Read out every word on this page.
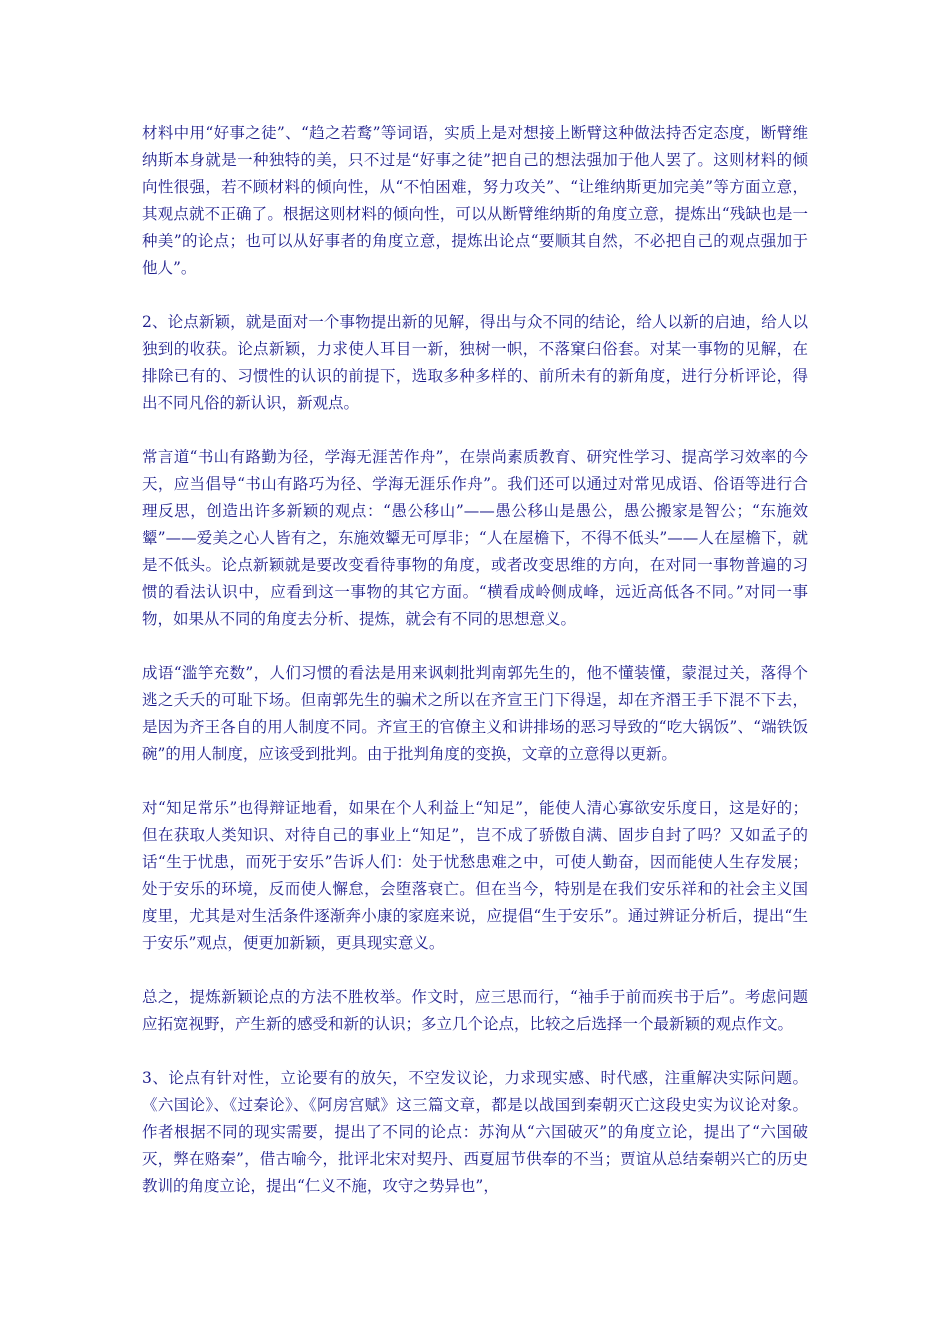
材料中用“好事之徒”、“趋之若鹜”等词语，实质上是对想接上断臂这种做法持否定态度，断臂维纳斯本身就是一种独特的美，只不过是“好事之徒”把自己的想法强加于他人罢了。这则材料的倾向性很强，若不顾材料的倾向性，从“不怕困难，努力攻关”、“让维纳斯更加完美”等方面立意，其观点就不正确了。根据这则材料的倾向性，可以从断臂维纳斯的角度立意，提炼出“残缺也是一种美”的论点；也可以从好事者的角度立意，提炼出论点“要顺其自然，不必把自己的观点强加于他人”。

2、论点新颖，就是面对一个事物提出新的见解，得出与众不同的结论，给人以新的启迪，给人以独到的收获。论点新颖，力求使人耳目一新，独树一帜，不落窠臼俗套。对某一事物的见解，在排除已有的、习惯性的认识的前提下，选取多种多样的、前所未有的新角度，进行分析评论，得出不同凡俗的新认识，新观点。

常言道“书山有路勤为径，学海无涯苦作舟”，在崇尚素质教育、研究性学习、提高学习效率的今天，应当倡导“书山有路巧为径、学海无涯乐作舟”。我们还可以通过对常见成语、俗语等进行合理反思，创造出许多新颖的观点：“愚公移山”——愚公移山是愚公，愚公搬家是智公；“东施效颦”——爱美之心人皆有之，东施效颦无可厚非；“人在屋檐下，不得不低头”——人在屋檐下，就是不低头。论点新颖就是要改变看待事物的角度，或者改变思维的方向，在对同一事物普遍的习惯的看法认识中，应看到这一事物的其它方面。“横看成岭侧成峰，远近高低各不同。”对同一事物，如果从不同的角度去分析、提炼，就会有不同的思想意义。

成语“滥竽充数”，人们习惯的看法是用来讽刺批判南郭先生的，他不懂装懂，蒙混过关，落得个逃之夭夭的可耻下场。但南郭先生的骗术之所以在齐宣王门下得逞，却在齐湣王手下混不下去，是因为齐王各自的用人制度不同。齐宣王的官僚主义和讲排场的恶习导致的“吃大锅饭”、“端铁饭碗”的用人制度，应该受到批判。由于批判角度的变换，文章的立意得以更新。

对“知足常乐”也得辩证地看，如果在个人利益上“知足”，能使人清心寡欲安乐度日，这是好的；但在获取人类知识、对待自己的事业上“知足”，岂不成了骄傲自满、固步自封了吗？又如孟子的话“生于忧患，而死于安乐”告诉人们：处于忧愁患难之中，可使人勤奋，因而能使人生存发展；处于安乐的环境，反而使人懈怠，会堕落衰亡。但在当今，特别是在我们安乐祥和的社会主义国度里，尤其是对生活条件逐渐奔小康的家庭来说，应提倡“生于安乐”。通过辨证分析后，提出“生于安乐”观点，便更加新颖，更具现实意义。

总之，提炼新颖论点的方法不胜枚举。作文时，应三思而行，“袖手于前而疾书于后”。考虑问题应拓宽视野，产生新的感受和新的认识；多立几个论点，比较之后选择一个最新颖的观点作文。

3、论点有针对性，立论要有的放矢，不空发议论，力求现实感、时代感，注重解决实际问题。《六国论》、《过秦论》、《阿房宫赋》这三篇文章，都是以战国到秦朝灭亡这段史实为议论对象。作者根据不同的现实需要，提出了不同的论点：苏洵从“六国破灭”的角度立论，提出了“六国破灭，弊在赂秦”，借古喻今，批评北宋对契丹、西夏屈节供奉的不当；贾谊从总结秦朝兴亡的历史教训的角度立论，提出“仁义不施，攻守之势异也”，
